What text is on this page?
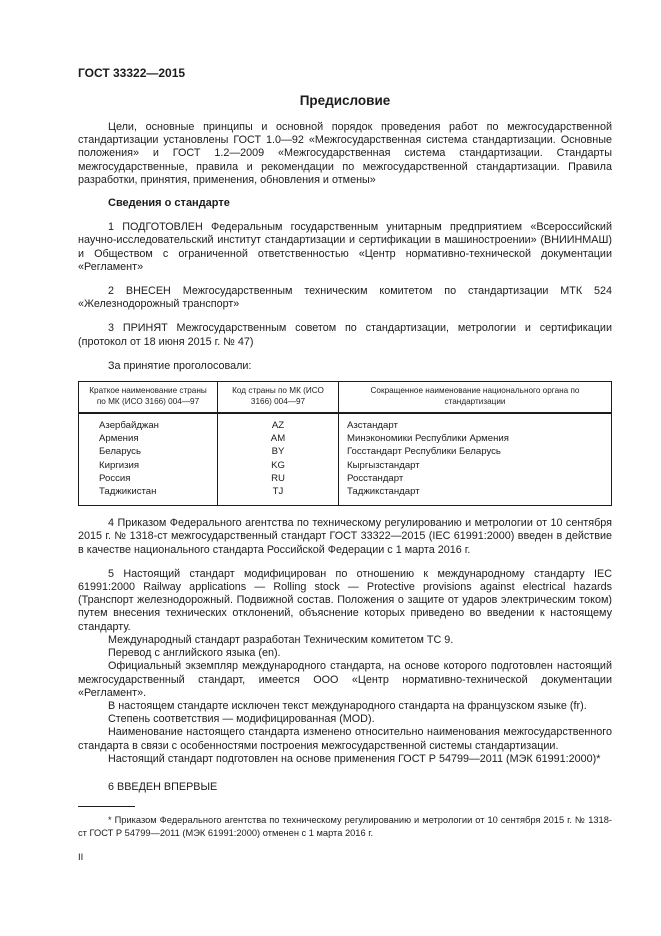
ГОСТ 33322—2015
Предисловие

Цели, основные принципы и основной порядок проведения работ по межгосударственной стандартизации установлены ГОСТ 1.0—92 «Межгосударственная система стандартизации. Основные положения» и ГОСТ 1.2—2009 «Межгосударственная система стандартизации. Стандарты межгосударственные, правила и рекомендации по межгосударственной стандартизации. Правила разработки, принятия, применения, обновления и отмены»

Сведения о стандарте

1 ПОДГОТОВЛЕН Федеральным государственным унитарным предприятием «Всероссийский научно-исследовательский институт стандартизации и сертификации в машиностроении» (ВНИИНМАШ) и Обществом с ограниченной ответственностью «Центр нормативно-технической документации «Регламент»

2 ВНЕСЕН Межгосударственным техническим комитетом по стандартизации МТК 524 «Железнодорожный транспорт»

3 ПРИНЯТ Межгосударственным советом по стандартизации, метрологии и сертификации (протокол от 18 июня 2015 г. № 47)

За принятие проголосовали:

Краткое наименование страны по МК (ИСО 3166) 004—97	Код страны по МК (ИСО 3166) 004—97	Сокращенное наименование национального органа по стандартизации
Азербайджан	AZ	Азстандарт
Армения	AM	Минэкономики Республики Армения
Беларусь	BY	Госстандарт Республики Беларусь
Киргизия	KG	Кыргызстандарт
Россия	RU	Росстандарт
Таджикистан	TJ	Таджикстандарт

4 Приказом Федерального агентства по техническому регулированию и метрологии от 10 сентября 2015 г. № 1318-ст межгосударственный стандарт ГОСТ 33322—2015 (IEC 61991:2000) введен в действие в качестве национального стандарта Российской Федерации с 1 марта 2016 г.

5 Настоящий стандарт модифицирован по отношению к международному стандарту IEC 61991:2000 Railway applications — Rolling stock — Protective provisions against electrical hazards (Транспорт железнодорожный. Подвижной состав. Положения о защите от ударов электрическим током) путем внесения технических отклонений, объяснение которых приведено во введении к настоящему стандарту.

Международный стандарт разработан Техническим комитетом ТС 9.

Перевод с английского языка (en).

Официальный экземпляр международного стандарта, на основе которого подготовлен настоящий межгосударственный стандарт, имеется ООО «Центр нормативно-технической документации «Регламент».

В настоящем стандарте исключен текст международного стандарта на французском языке (fr).

Степень соответствия — модифицированная (MOD).

Наименование настоящего стандарта изменено относительно наименования межгосударственного стандарта в связи с особенностями построения межгосударственной системы стандартизации.

Настоящий стандарт подготовлен на основе применения ГОСТ Р 54799—2011 (МЭК 61991:2000)*

6 ВВЕДЕН ВПЕРВЫЕ

* Приказом Федерального агентства по техническому регулированию и метрологии от 10 сентября 2015 г. № 1318-ст ГОСТ Р 54799—2011 (МЭК 61991:2000) отменен с 1 марта 2016 г.

II
